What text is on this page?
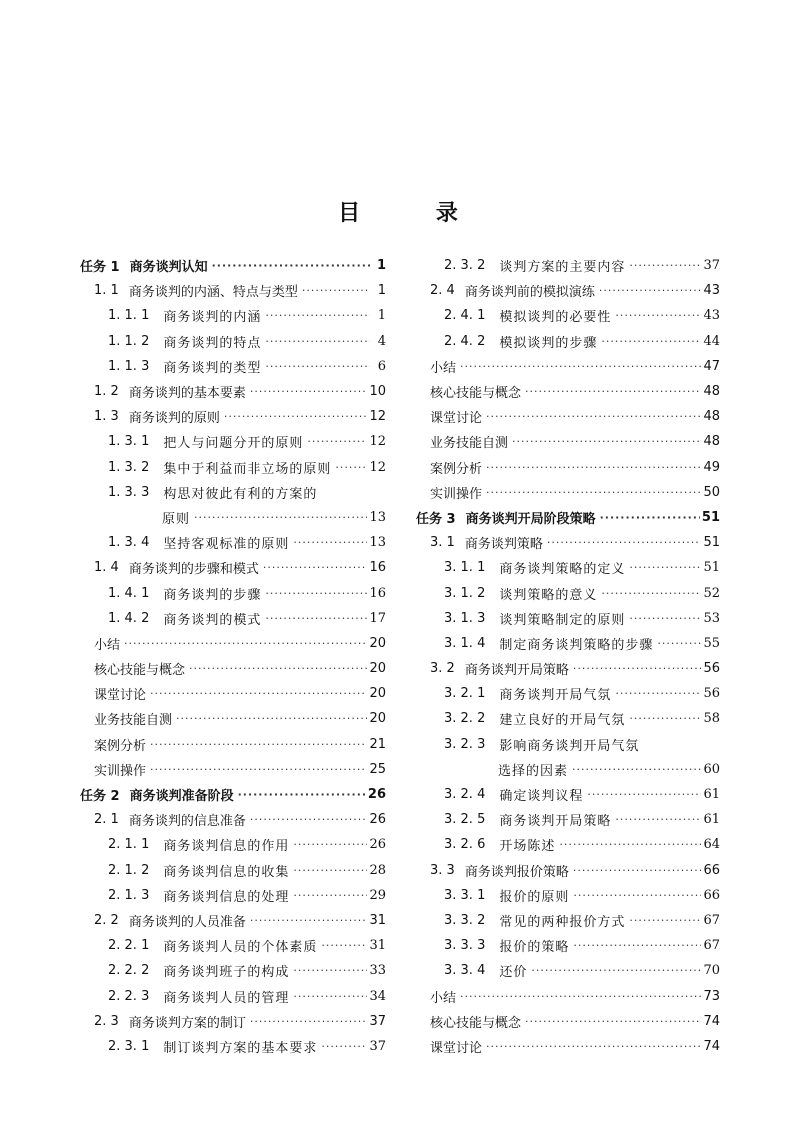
目 录
任务 1 商务谈判认知 ·····	1
1. 1 商务谈判的内涵、特点与类型 ·····	1
1. 1. 1 商务谈判的内涵 ·····	1
1. 1. 2 商务谈判的特点 ·····	4
1. 1. 3 商务谈判的类型 ·····	6
1. 2 商务谈判的基本要素 ·····	10
1. 3 商务谈判的原则 ·····	12
1. 3. 1 把人与问题分开的原则 ·····	12
1. 3. 2 集中于利益而非立场的原则 ·····	12
1. 3. 3 构思对彼此有利的方案的
原则 ·····	13
1. 3. 4 坚持客观标准的原则 ·····	13
1. 4 商务谈判的步骤和模式 ·····	16
1. 4. 1 商务谈判的步骤 ·····	16
1. 4. 2 商务谈判的模式 ·····	17
小结 ·····	20
核心技能与概念 ·····	20
课堂讨论 ·····	20
业务技能自测 ·····	20
案例分析 ·····	21
实训操作 ·····	25
任务 2 商务谈判准备阶段 ·····	26
2. 1 商务谈判的信息准备 ·····	26
2. 1. 1 商务谈判信息的作用 ·····	26
2. 1. 2 商务谈判信息的收集 ·····	28
2. 1. 3 商务谈判信息的处理 ·····	29
2. 2 商务谈判的人员准备 ·····	31
2. 2. 1 商务谈判人员的个体素质 ·····	31
2. 2. 2 商务谈判班子的构成 ·····	33
2. 2. 3 商务谈判人员的管理 ·····	34
2. 3 商务谈判方案的制订 ·····	37
2. 3. 1 制订谈判方案的基本要求 ·····	37
2. 3. 2 谈判方案的主要内容 ·····	37
2. 4 商务谈判前的模拟演练 ·····	43
2. 4. 1 模拟谈判的必要性 ·····	43
2. 4. 2 模拟谈判的步骤 ·····	44
小结 ·····	47
核心技能与概念 ·····	48
课堂讨论 ·····	48
业务技能自测 ·····	48
案例分析 ·····	49
实训操作 ·····	50
任务 3 商务谈判开局阶段策略 ·····	51
3. 1 商务谈判策略 ·····	51
3. 1. 1 商务谈判策略的定义 ·····	51
3. 1. 2 谈判策略的意义 ·····	52
3. 1. 3 谈判策略制定的原则 ·····	53
3. 1. 4 制定商务谈判策略的步骤 ·····	55
3. 2 商务谈判开局策略 ·····	56
3. 2. 1 商务谈判开局气氛 ·····	56
3. 2. 2 建立良好的开局气氛 ·····	58
3. 2. 3 影响商务谈判开局气氛
选择的因素 ·····	60
3. 2. 4 确定谈判议程 ·····	61
3. 2. 5 商务谈判开局策略 ·····	61
3. 2. 6 开场陈述 ·····	64
3. 3 商务谈判报价策略 ·····	66
3. 3. 1 报价的原则 ·····	66
3. 3. 2 常见的两种报价方式 ·····	67
3. 3. 3 报价的策略 ·····	67
3. 3. 4 还价 ·····	70
小结 ·····	73
核心技能与概念 ·····	74
课堂讨论 ·····	74
